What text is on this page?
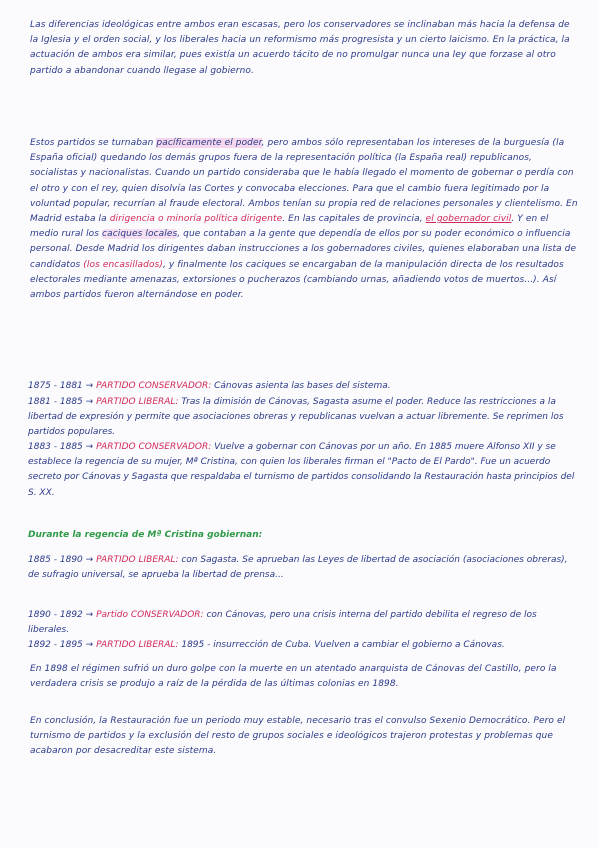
Las diferencias ideológicas entre ambos eran escasas, pero los conservadores se inclinaban más hacia la defensa de la Iglesia y el orden social, y los liberales hacia un reformismo más progresista y un cierto laicismo. En la práctica, la actuación de ambos era similar, pues existía un acuerdo tácito de no promulgar nunca una ley que forzase al otro partido a abandonar cuando llegase al gobierno.
Estos partidos se turnaban pacíficamente el poder, pero ambos sólo representaban los intereses de la burguesía (la España oficial) quedando los demás grupos fuera de la representación política (la España real) republicanos, socialistas y nacionalistas. Cuando un partido consideraba que le había llegado el momento de gobernar o perdía con el otro y con el rey, quien disolvía las Cortes y convocaba elecciones. Para que el cambio fuera legitimado por la voluntad popular, recurrían al fraude electoral. Ambos tenían su propia red de relaciones personales y clientelismo. En Madrid estaba la dirigencia o minoría política dirigente. En las capitales de provincia, el gobernador civil. Y en el medio rural los caciques locales, que contaban a la gente que dependía de ellos por su poder económico o influencia personal. Desde Madrid los dirigentes daban instrucciones a los gobernadores civiles, quienes elaboraban una lista de candidatos (los encasillados), y finalmente los caciques se encargaban de la manipulación directa de los resultados electorales mediante amenazas, extorsiones o pucherazos (cambiando urnas, añadiendo votos de muertos...). Así ambos partidos fueron alternándose en poder.
1875 - 1881 → PARTIDO CONSERVADOR: Cánovas asienta las bases del sistema.
1881 - 1885 → PARTIDO LIBERAL: Tras la dimisión de Cánovas, Sagasta asume el poder. Reduce las restricciones a la libertad de expresión y permite que asociaciones obreras y republicanas vuelvan a actuar libremente. Se reprimen los partidos populares.
1883 - 1885 → PARTIDO CONSERVADOR: Vuelve a gobernar con Cánovas por un año. En 1885 muere Alfonso XII y se establece la regencia de su mujer, Mª Cristina, con quien los liberales firman el "Pacto de El Pardo". Fue un acuerdo secreto por Cánovas y Sagasta que respaldaba el turnismo de partidos consolidando la Restauración hasta principios del S. XX.
Durante la regencia de Mª Cristina gobiernan:
1885 - 1890 → PARTIDO LIBERAL: con Sagasta. Se aprueban las Leyes de libertad de asociación (asociaciones obreras), de sufragio universal, se aprueba la libertad de prensa...
1890 - 1892 → Partido CONSERVADOR: con Cánovas, pero una crisis interna del partido debilita el regreso de los liberales.
1892 - 1895 → PARTIDO LIBERAL: 1895 - insurrección de Cuba. Vuelven a cambiar el gobierno a Cánovas.
En 1898 el régimen sufrió un duro golpe con la muerte en un atentado anarquista de Cánovas del Castillo, pero la verdadera crisis se produjo a raíz de la pérdida de las últimas colonias en 1898.
En conclusión, la Restauración fue un periodo muy estable, necesario tras el convulso Sexenio Democrático. Pero el turnismo de partidos y la exclusión del resto de grupos sociales e ideológicos trajeron protestas y problemas que acabaron por desacreditar este sistema.
